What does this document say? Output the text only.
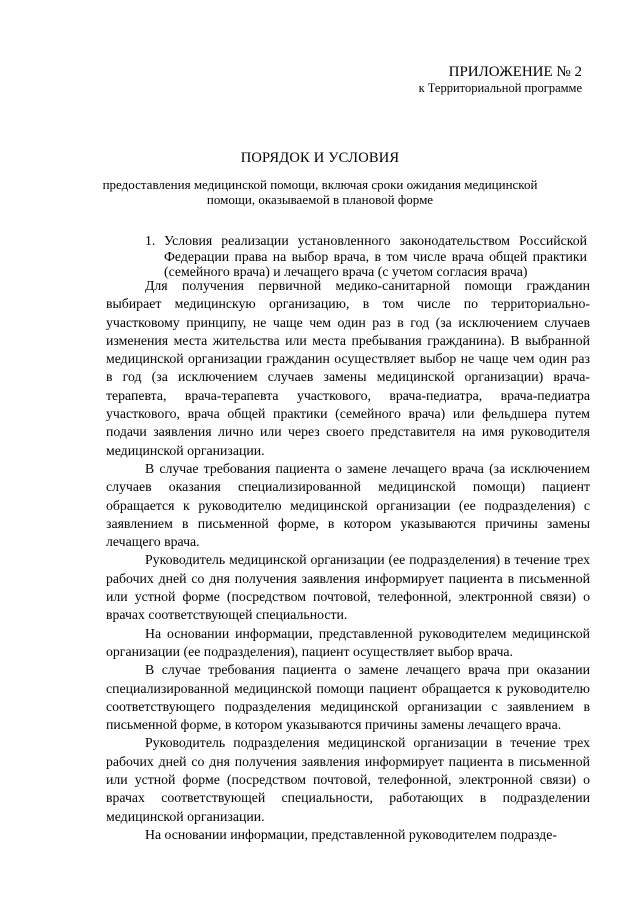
ПРИЛОЖЕНИЕ № 2
к Территориальной программе
ПОРЯДОК И УСЛОВИЯ
предоставления медицинской помощи, включая сроки ожидания медицинской помощи, оказываемой в плановой форме
1. Условия реализации установленного законодательством Российской Федерации права на выбор врача, в том числе врача общей практики (семейного врача) и лечащего врача (с учетом согласия врача)

Для получения первичной медико-санитарной помощи гражданин выбирает медицинскую организацию, в том числе по территориально-участковому принципу, не чаще чем один раз в год (за исключением случаев изменения места жительства или места пребывания гражданина). В выбранной медицинской организации гражданин осуществляет выбор не чаще чем один раз в год (за исключением случаев замены медицинской организации) врача-терапевта, врача-терапевта участкового, врача-педиатра, врача-педиатра участкового, врача общей практики (семейного врача) или фельдшера путем подачи заявления лично или через своего представителя на имя руководителя медицинской организации.

В случае требования пациента о замене лечащего врача (за исключением случаев оказания специализированной медицинской помощи) пациент обращается к руководителю медицинской организации (ее подразделения) с заявлением в письменной форме, в котором указываются причины замены лечащего врача.

Руководитель медицинской организации (ее подразделения) в течение трех рабочих дней со дня получения заявления информирует пациента в письменной или устной форме (посредством почтовой, телефонной, электронной связи) о врачах соответствующей специальности.

На основании информации, представленной руководителем медицинской организации (ее подразделения), пациент осуществляет выбор врача.

В случае требования пациента о замене лечащего врача при оказании специализированной медицинской помощи пациент обращается к руководителю соответствующего подразделения медицинской организации с заявлением в письменной форме, в котором указываются причины замены лечащего врача.

Руководитель подразделения медицинской организации в течение трех рабочих дней со дня получения заявления информирует пациента в письменной или устной форме (посредством почтовой, телефонной, электронной связи) о врачах соответствующей специальности, работающих в подразделении медицинской организации.

На основании информации, представленной руководителем подразде-
